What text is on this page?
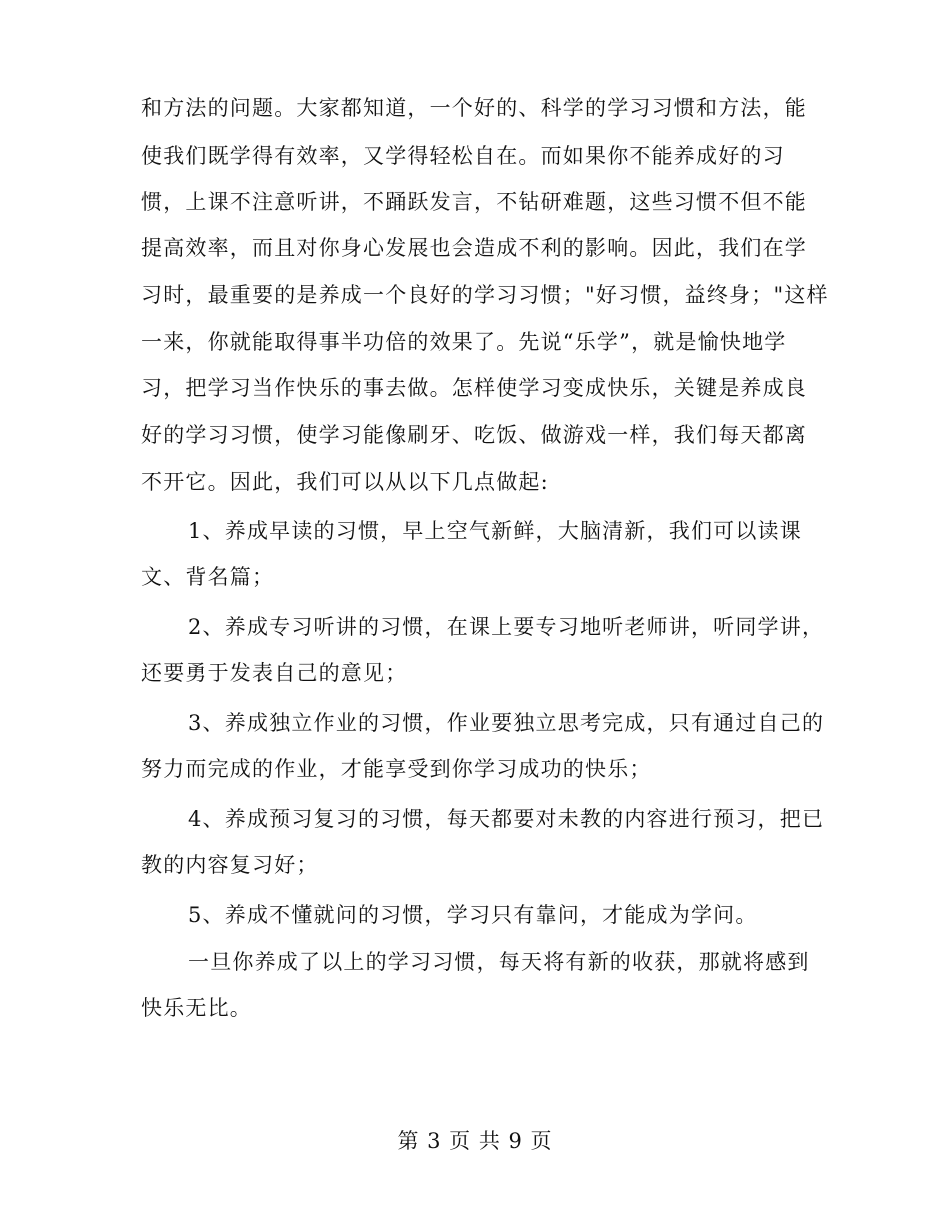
和方法的问题。大家都知道，一个好的、科学的学习习惯和方法，能
使我们既学得有效率，又学得轻松自在。而如果你不能养成好的习
惯，上课不注意听讲，不踊跃发言，不钻研难题，这些习惯不但不能
提高效率，而且对你身心发展也会造成不利的影响。因此，我们在学
习时，最重要的是养成一个良好的学习习惯；"好习惯，益终身；"这样
一来，你就能取得事半功倍的效果了。先说“乐学”，就是愉快地学
习，把学习当作快乐的事去做。怎样使学习变成快乐，关键是养成良
好的学习习惯，使学习能像刷牙、吃饭、做游戏一样，我们每天都离
不开它。因此，我们可以从以下几点做起:
1、养成早读的习惯，早上空气新鲜，大脑清新，我们可以读课
文、背名篇；
2、养成专习听讲的习惯，在课上要专习地听老师讲，听同学讲，
还要勇于发表自己的意见；
3、养成独立作业的习惯，作业要独立思考完成，只有通过自己的
努力而完成的作业，才能享受到你学习成功的快乐；
4、养成预习复习的习惯，每天都要对未教的内容进行预习，把已
教的内容复习好；
5、养成不懂就问的习惯，学习只有靠问，才能成为学问。
一旦你养成了以上的学习习惯，每天将有新的收获，那就将感到
快乐无比。
第 3 页 共 9 页
